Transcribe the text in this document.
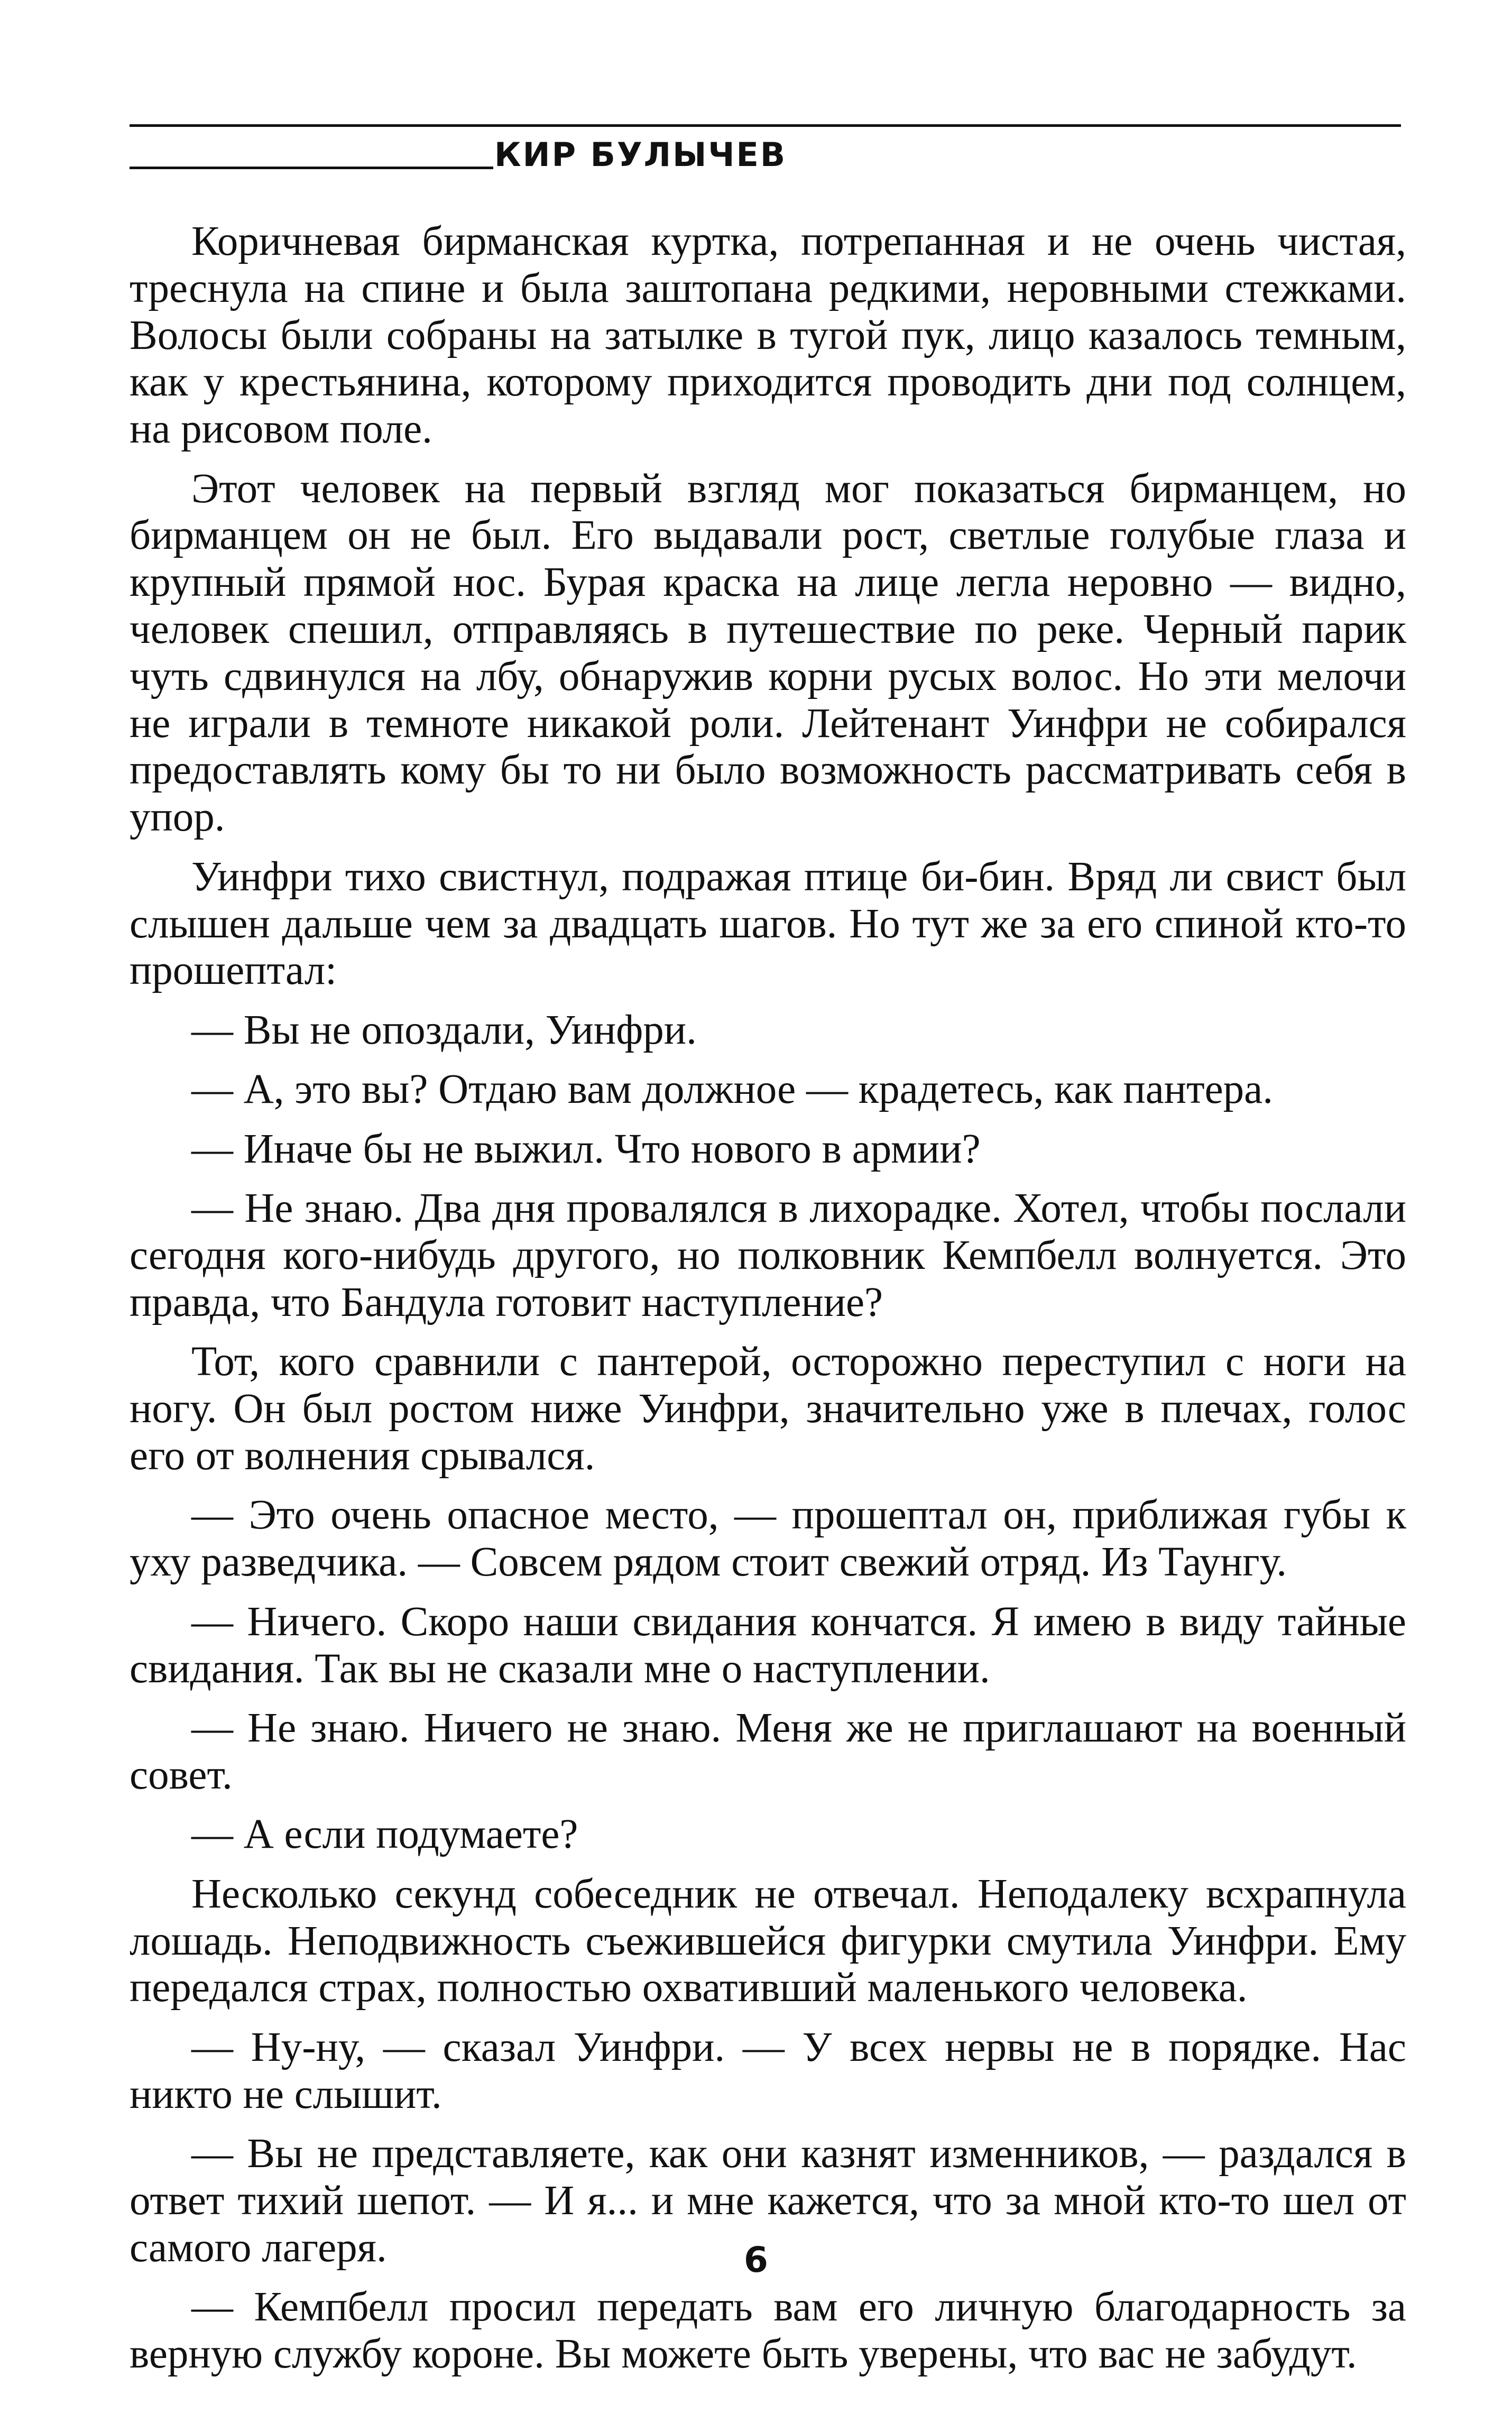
КИР БУЛЫЧЕВ

Коричневая бирманская куртка, потрепанная и не очень чистая, треснула на спине и была заштопана редкими, неровными стежками. Волосы были собраны на затылке в тугой пук, лицо казалось темным, как у крестьянина, которому приходится проводить дни под солнцем, на рисовом поле.

Этот человек на первый взгляд мог показаться бирманцем, но бирманцем он не был. Его выдавали рост, светлые голубые глаза и крупный прямой нос. Бурая краска на лице легла неровно — видно, человек спешил, отправляясь в путешествие по реке. Черный парик чуть сдвинулся на лбу, обнаружив корни русых волос. Но эти мелочи не играли в темноте никакой роли. Лейтенант Уинфри не собирался предоставлять кому бы то ни было возможность рассматривать себя в упор.

Уинфри тихо свистнул, подражая птице би-бин. Вряд ли свист был слышен дальше чем за двадцать шагов. Но тут же за его спиной кто-то прошептал:

— Вы не опоздали, Уинфри.

— А, это вы? Отдаю вам должное — крадетесь, как пантера.

— Иначе бы не выжил. Что нового в армии?

— Не знаю. Два дня провалялся в лихорадке. Хотел, чтобы послали сегодня кого-нибудь другого, но полковник Кемпбелл волнуется. Это правда, что Бандула готовит наступление?

Тот, кого сравнили с пантерой, осторожно переступил с ноги на ногу. Он был ростом ниже Уинфри, значительно уже в плечах, голос его от волнения срывался.

— Это очень опасное место, — прошептал он, приближая губы к уху разведчика. — Совсем рядом стоит свежий отряд. Из Таунгу.

— Ничего. Скоро наши свидания кончатся. Я имею в виду тайные свидания. Так вы не сказали мне о наступлении.

— Не знаю. Ничего не знаю. Меня же не приглашают на военный совет.

— А если подумаете?

Несколько секунд собеседник не отвечал. Неподалеку всхрапнула лошадь. Неподвижность съежившейся фигурки смутила Уинфри. Ему передался страх, полностью охвативший маленького человека.

— Ну-ну, — сказал Уинфри. — У всех нервы не в порядке. Нас никто не слышит.

— Вы не представляете, как они казнят изменников, — раздался в ответ тихий шепот. — И я... и мне кажется, что за мной кто-то шел от самого лагеря.

— Кемпбелл просил передать вам его личную благодарность за верную службу короне. Вы можете быть уверены, что вас не забудут.

6
